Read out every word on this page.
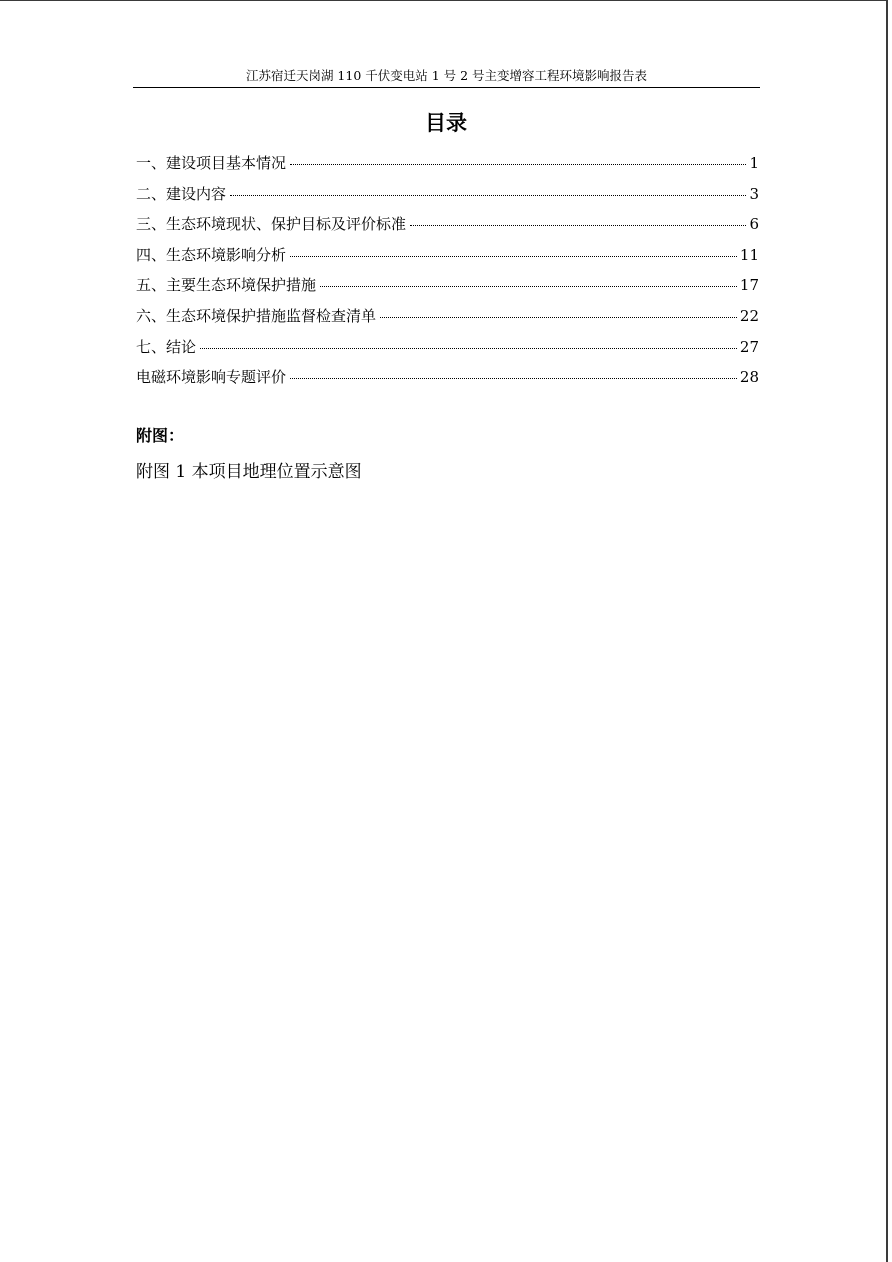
江苏宿迁天岗湖 110 千伏变电站 1 号 2 号主变增容工程环境影响报告表
目录
一、建设项目基本情况	1
二、建设内容	3
三、生态环境现状、保护目标及评价标准	6
四、生态环境影响分析	11
五、主要生态环境保护措施	17
六、生态环境保护措施监督检查清单	22
七、结论	27
电磁环境影响专题评价	28
附图：
附图 1 本项目地理位置示意图
